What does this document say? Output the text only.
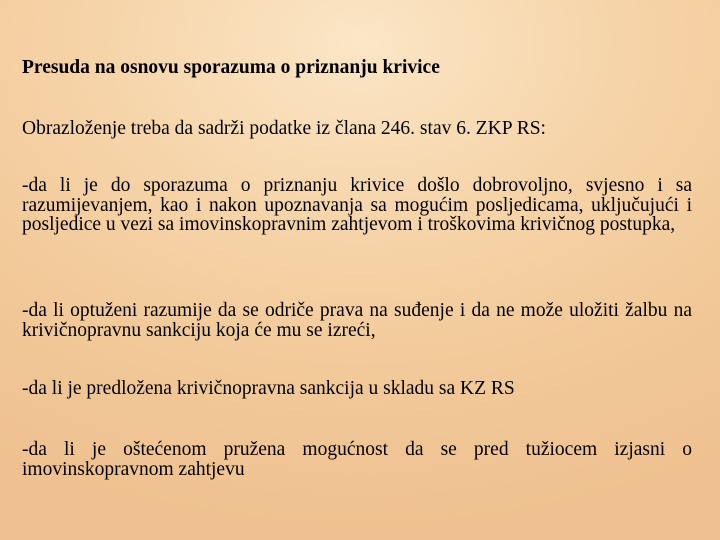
Presuda na osnovu sporazuma o priznanju krivice
Obrazloženje treba da sadrži podatke iz člana 246. stav 6. ZKP RS:
-da li je do sporazuma o priznanju krivice došlo dobrovoljno, svjesno i sa razumijevanjem, kao i nakon upoznavanja sa mogućim posljedicama, uključujući i posljedice u vezi sa imovinskopravnim zahtjevom i troškovima krivičnog postupka,
-da li optuženi razumije da se odriče prava na suđenje i da ne može uložiti žalbu na krivičnopravnu sankciju koja će mu se izreći,
-da li je predložena krivičnopravna sankcija u skladu sa KZ RS
-da li je oštećenom pružena mogućnost da se pred tužiocem izjasni o imovinskopravnom zahtjevu
